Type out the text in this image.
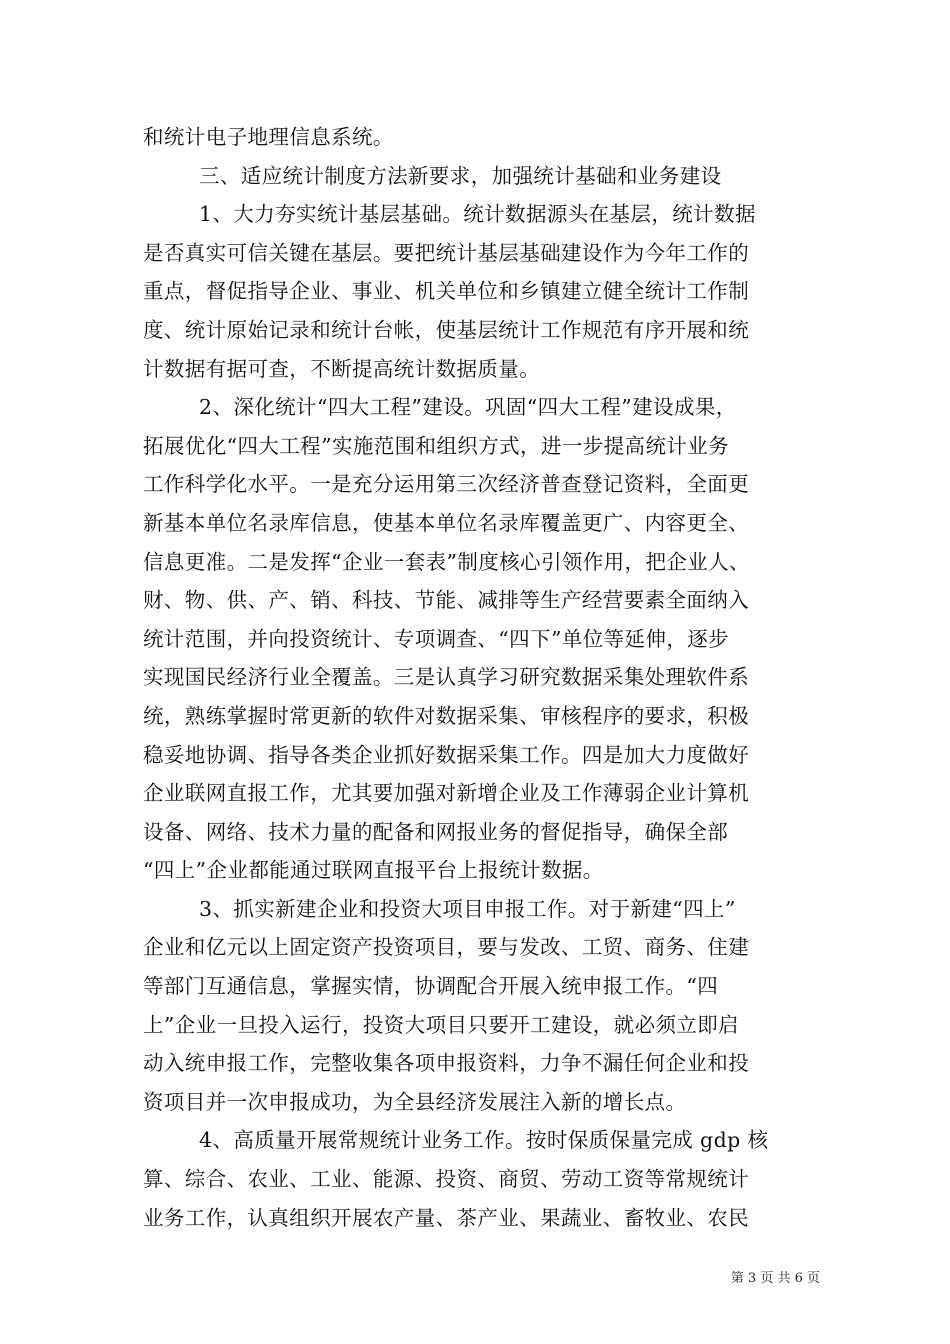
和统计电子地理信息系统。
三、适应统计制度方法新要求，加强统计基础和业务建设
1、大力夯实统计基层基础。统计数据源头在基层，统计数据
是否真实可信关键在基层。要把统计基层基础建设作为今年工作的
重点，督促指导企业、事业、机关单位和乡镇建立健全统计工作制
度、统计原始记录和统计台帐，使基层统计工作规范有序开展和统
计数据有据可查，不断提高统计数据质量。
2、深化统计“四大工程”建设。巩固“四大工程”建设成果，
拓展优化“四大工程”实施范围和组织方式，进一步提高统计业务
工作科学化水平。一是充分运用第三次经济普查登记资料，全面更
新基本单位名录库信息，使基本单位名录库覆盖更广、内容更全、
信息更准。二是发挥“企业一套表”制度核心引领作用，把企业人、
财、物、供、产、销、科技、节能、减排等生产经营要素全面纳入
统计范围，并向投资统计、专项调查、“四下”单位等延伸，逐步
实现国民经济行业全覆盖。三是认真学习研究数据采集处理软件系
统，熟练掌握时常更新的软件对数据采集、审核程序的要求，积极
稳妥地协调、指导各类企业抓好数据采集工作。四是加大力度做好
企业联网直报工作，尤其要加强对新增企业及工作薄弱企业计算机
设备、网络、技术力量的配备和网报业务的督促指导，确保全部
“四上”企业都能通过联网直报平台上报统计数据。
3、抓实新建企业和投资大项目申报工作。对于新建“四上”
企业和亿元以上固定资产投资项目，要与发改、工贸、商务、住建
等部门互通信息，掌握实情，协调配合开展入统申报工作。“四
上”企业一旦投入运行，投资大项目只要开工建设，就必须立即启
动入统申报工作，完整收集各项申报资料，力争不漏任何企业和投
资项目并一次申报成功，为全县经济发展注入新的增长点。
4、高质量开展常规统计业务工作。按时保质保量完成 gdp 核
算、综合、农业、工业、能源、投资、商贸、劳动工资等常规统计
业务工作，认真组织开展农产量、茶产业、果蔬业、畜牧业、农民
第 3 页 共 6 页
